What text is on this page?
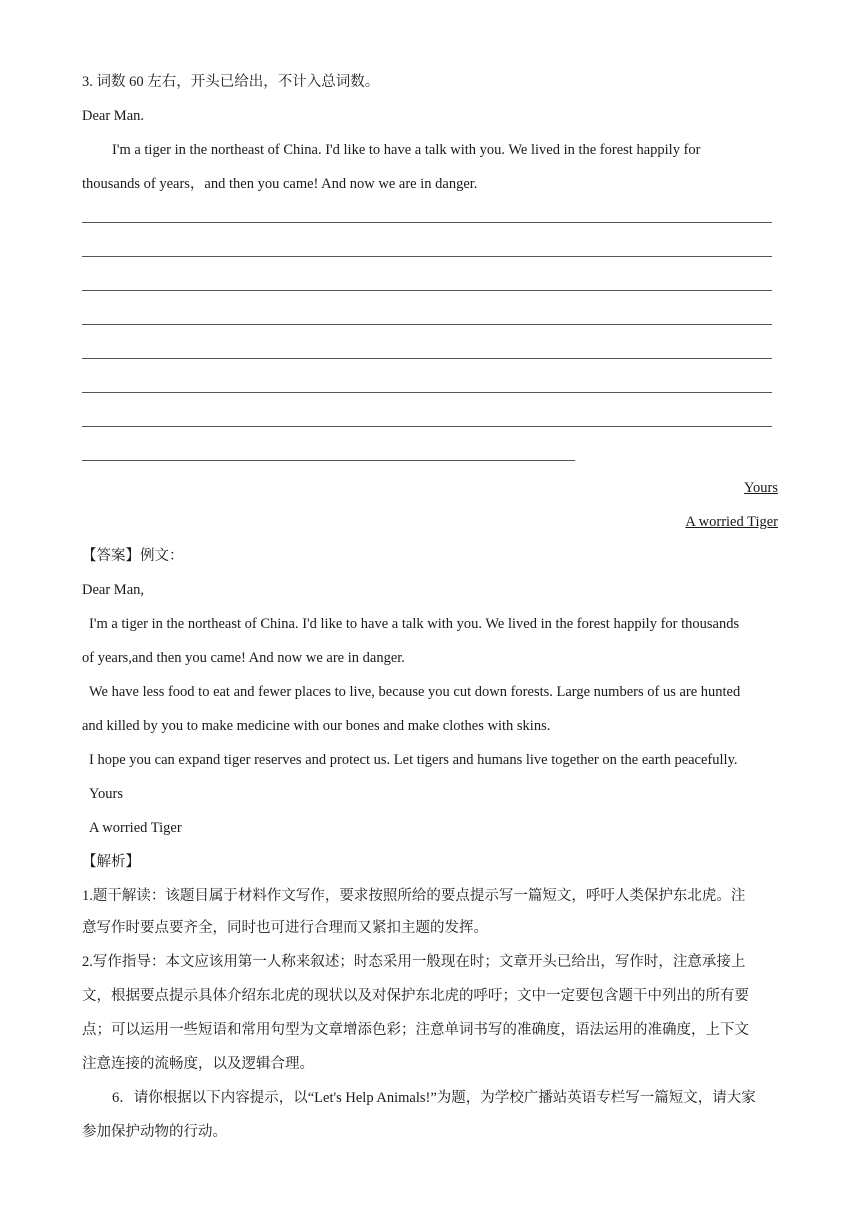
3. 词数 60 左右，开头已给出，不计入总词数。
Dear Man.
I'm a tiger in the northeast of China. I'd like to have a talk with you. We lived in the forest happily for
thousands of years，and then you came! And now we are in danger.
Yours
A worried Tiger
【答案】例文：
Dear Man,
I'm a tiger in the northeast of China. I'd like to have a talk with you. We lived in the forest happily for thousands
of years,and then you came! And now we are in danger.
We have less food to eat and fewer places to live, because you cut down forests. Large numbers of us are hunted
and killed by you to make medicine with our bones and make clothes with skins.
I hope you can expand tiger reserves and protect us. Let tigers and humans live together on the earth peacefully.
Yours
A worried Tiger
【解析】
1.题干解读：该题目属于材料作文写作，要求按照所给的要点提示写一篇短文，呼吁人类保护东北虎。注
意写作时要点要齐全，同时也可进行合理而又紧扣主题的发挥。
2.写作指导：本文应该用第一人称来叙述；时态采用一般现在时；文章开头已给出，写作时，注意承接上
文，根据要点提示具体介绍东北虎的现状以及对保护东北虎的呼吁；文中一定要包含题干中列出的所有要
点；可以运用一些短语和常用句型为文章增添色彩；注意单词书写的准确度，语法运用的准确度，上下文
注意连接的流畅度，以及逻辑合理。
6．请你根据以下内容提示，以“Let's Help Animals!”为题，为学校广播站英语专栏写一篇短文，请大家
参加保护动物的行动。
